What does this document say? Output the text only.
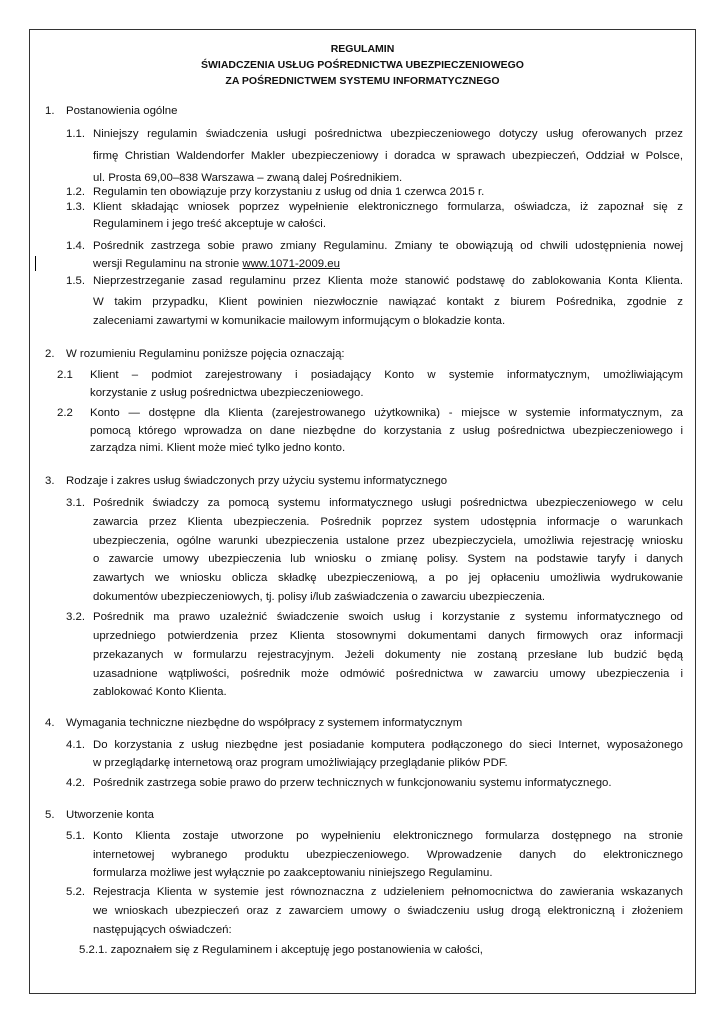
REGULAMIN
ŚWIADCZENIA USŁUG POŚREDNICTWA UBEZPIECZENIOWEGO
ZA POŚREDNICTWEM SYSTEMU INFORMATYCZNEGO
1. Postanowienia ogólne
1.1. Niniejszy regulamin świadczenia usługi pośrednictwa ubezpieczeniowego dotyczy usług oferowanych przez
firmę Christian Waldendorfer Makler ubezpieczeniowy i doradca w sprawach ubezpieczeń, Oddział w Polsce,
ul. Prosta 69,00–838 Warszawa – zwaną dalej Pośrednikiem.
1.2. Regulamin ten obowiązuje przy korzystaniu z usług od dnia 1 czerwca 2015 r.
1.3. Klient składając wniosek poprzez wypełnienie elektronicznego formularza, oświadcza, iż zapoznał się z
Regulaminem i jego treść akceptuje w całości.
1.4. Pośrednik zastrzega sobie prawo zmiany Regulaminu. Zmiany te obowiązują od chwili udostępnienia nowej
wersji Regulaminu na stronie www.1071-2009.eu
1.5. Nieprzestrzeganie zasad regulaminu przez Klienta może stanowić podstawę do zablokowania Konta Klienta.
W takim przypadku, Klient powinien niezwłocznie nawiązać kontakt z biurem Pośrednika, zgodnie z
zaleceniami zawartymi w komunikacie mailowym informującym o blokadzie konta.
2. W rozumieniu Regulaminu poniższe pojęcia oznaczają:
2.1 Klient – podmiot zarejestrowany i posiadający Konto w systemie informatycznym, umożliwiającym
korzystanie z usług pośrednictwa ubezpieczeniowego.
2.2 Konto — dostępne dla Klienta (zarejestrowanego użytkownika) - miejsce w systemie informatycznym, za
pomocą którego wprowadza on dane niezbędne do korzystania z usług pośrednictwa ubezpieczeniowego i
zarządza nimi. Klient może mieć tylko jedno konto.
3. Rodzaje i zakres usług świadczonych przy użyciu systemu informatycznego
3.1. Pośrednik świadczy za pomocą systemu informatycznego usługi pośrednictwa ubezpieczeniowego w celu
zawarcia przez Klienta ubezpieczenia. Pośrednik poprzez system udostępnia informacje o warunkach
ubezpieczenia, ogólne warunki ubezpieczenia ustalone przez ubezpieczyciela, umożliwia rejestrację wniosku
o zawarcie umowy ubezpieczenia lub wniosku o zmianę polisy. System na podstawie taryfy i danych
zawartych we wniosku oblicza składkę ubezpieczeniową, a po jej opłaceniu umożliwia wydrukowanie
dokumentów ubezpieczeniowych, tj. polisy i/lub zaświadczenia o zawarciu ubezpieczenia.
3.2. Pośrednik ma prawo uzależnić świadczenie swoich usług i korzystanie z systemu informatycznego od
uprzedniego potwierdzenia przez Klienta stosownymi dokumentami danych firmowych oraz informacji
przekazanych w formularzu rejestracyjnym. Jeżeli dokumenty nie zostaną przesłane lub budzić będą
uzasadnione wątpliwości, pośrednik może odmówić pośrednictwa w zawarciu umowy ubezpieczenia i
zablokować Konto Klienta.
4. Wymagania techniczne niezbędne do współpracy z systemem informatycznym
4.1. Do korzystania z usług niezbędne jest posiadanie komputera podłączonego do sieci Internet, wyposażonego
w przeglądarkę internetową oraz program umożliwiający przeglądanie plików PDF.
4.2. Pośrednik zastrzega sobie prawo do przerw technicznych w funkcjonowaniu systemu informatycznego.
5. Utworzenie konta
5.1. Konto Klienta zostaje utworzone po wypełnieniu elektronicznego formularza dostępnego na stronie
internetowej wybranego produktu ubezpieczeniowego. Wprowadzenie danych do elektronicznego
formularza możliwe jest wyłącznie po zaakceptowaniu niniejszego Regulaminu.
5.2. Rejestracja Klienta w systemie jest równoznaczna z udzieleniem pełnomocnictwa do zawierania wskazanych
we wnioskach ubezpieczeń oraz z zawarciem umowy o świadczeniu usług drogą elektroniczną i złożeniem
następujących oświadczeń:
5.2.1. zapoznałem się z Regulaminem i akceptuję jego postanowienia w całości,
